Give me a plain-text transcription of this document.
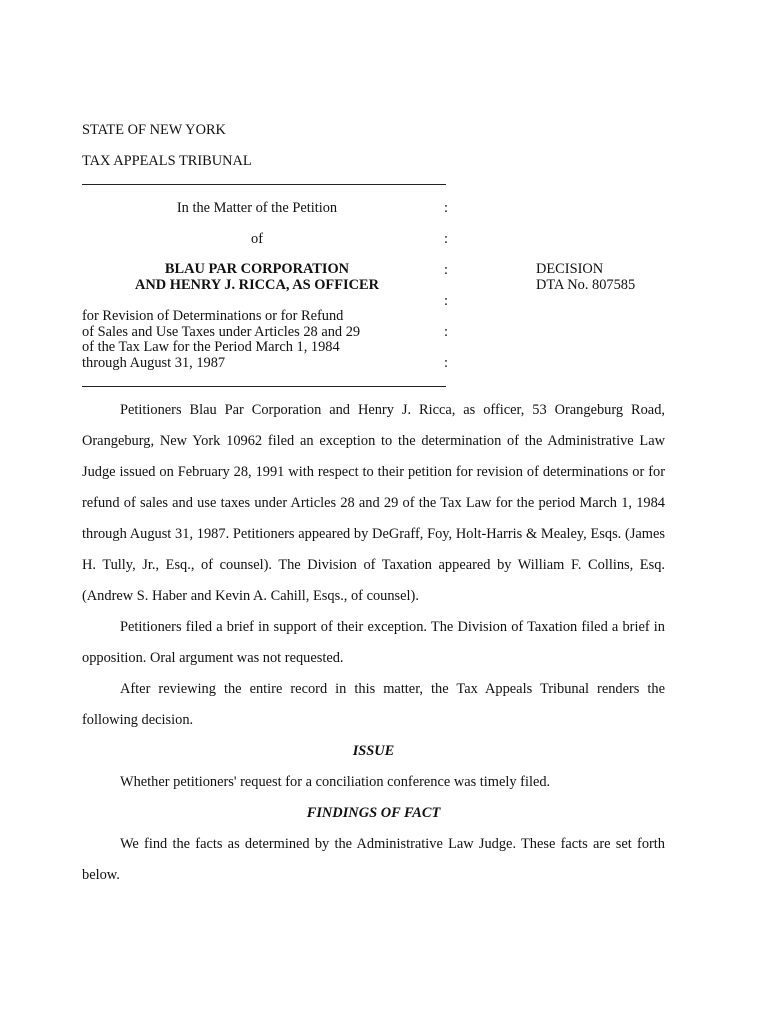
STATE OF NEW YORK
TAX APPEALS TRIBUNAL
In the Matter of the Petition
of
BLAU PAR CORPORATION
AND HENRY J. RICCA, AS OFFICER
for Revision of Determinations or for Refund
of Sales and Use Taxes under Articles 28 and 29
of the Tax Law for the Period March 1, 1984
through August 31, 1987
:
:
:
:
:
:
DECISION
DTA No. 807585
Petitioners Blau Par Corporation and Henry J. Ricca, as officer, 53 Orangeburg Road, Orangeburg, New York 10962 filed an exception to the determination of the Administrative Law Judge issued on February 28, 1991 with respect to their petition for revision of determinations or for refund of sales and use taxes under Articles 28 and 29 of the Tax Law for the period March 1, 1984 through August 31, 1987. Petitioners appeared by DeGraff, Foy, Holt-Harris & Mealey, Esqs. (James H. Tully, Jr., Esq., of counsel). The Division of Taxation appeared by William F. Collins, Esq. (Andrew S. Haber and Kevin A. Cahill, Esqs., of counsel).
Petitioners filed a brief in support of their exception. The Division of Taxation filed a brief in opposition. Oral argument was not requested.
After reviewing the entire record in this matter, the Tax Appeals Tribunal renders the following decision.
ISSUE
Whether petitioners' request for a conciliation conference was timely filed.
FINDINGS OF FACT
We find the facts as determined by the Administrative Law Judge. These facts are set forth below.
